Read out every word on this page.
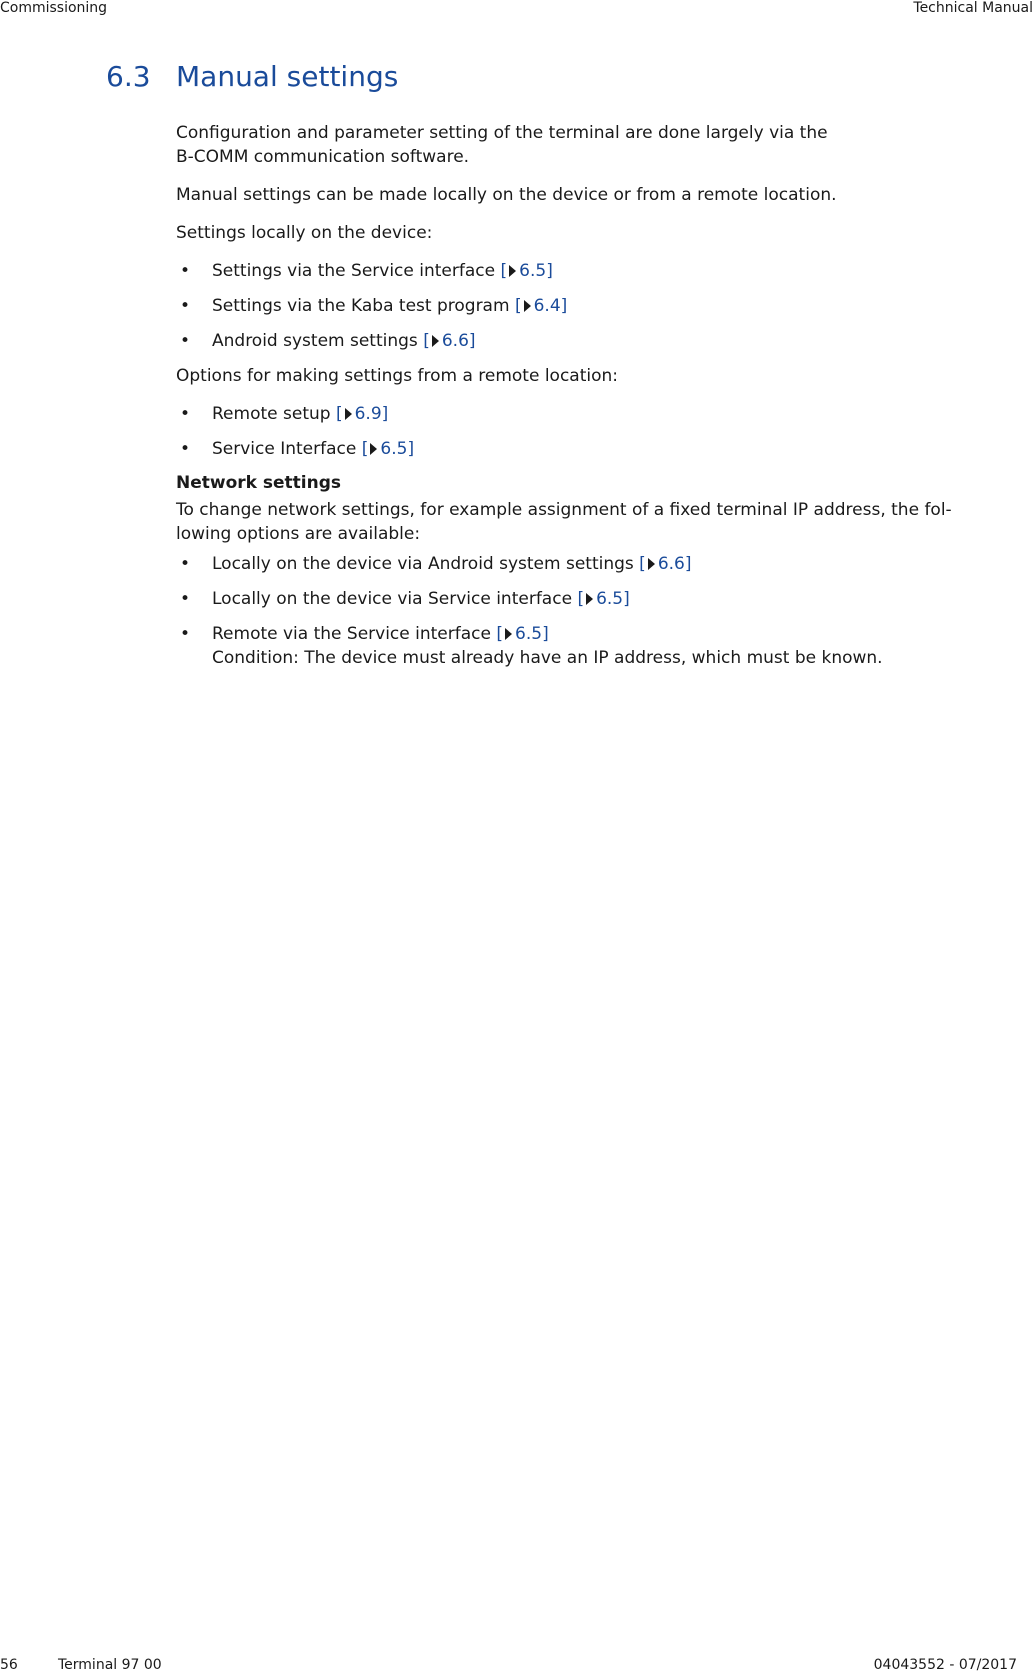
Commissioning	Technical Manual
6.3 Manual settings

Configuration and parameter setting of the terminal are done largely via the B-COMM communication software.

Manual settings can be made locally on the device or from a remote location.

Settings locally on the device:

• Settings via the Service interface [ 6.5]
• Settings via the Kaba test program [ 6.4]
• Android system settings [ 6.6]

Options for making settings from a remote location:

• Remote setup [ 6.9]
• Service Interface [ 6.5]
Network settings

To change network settings, for example assignment of a fixed terminal IP address, the fol-lowing options are available:

• Locally on the device via Android system settings [ 6.6]
• Locally on the device via Service interface [ 6.5]
• Remote via the Service interface [ 6.5]
Condition: The device must already have an IP address, which must be known.
56	Terminal 97 00	04043552 - 07/2017
